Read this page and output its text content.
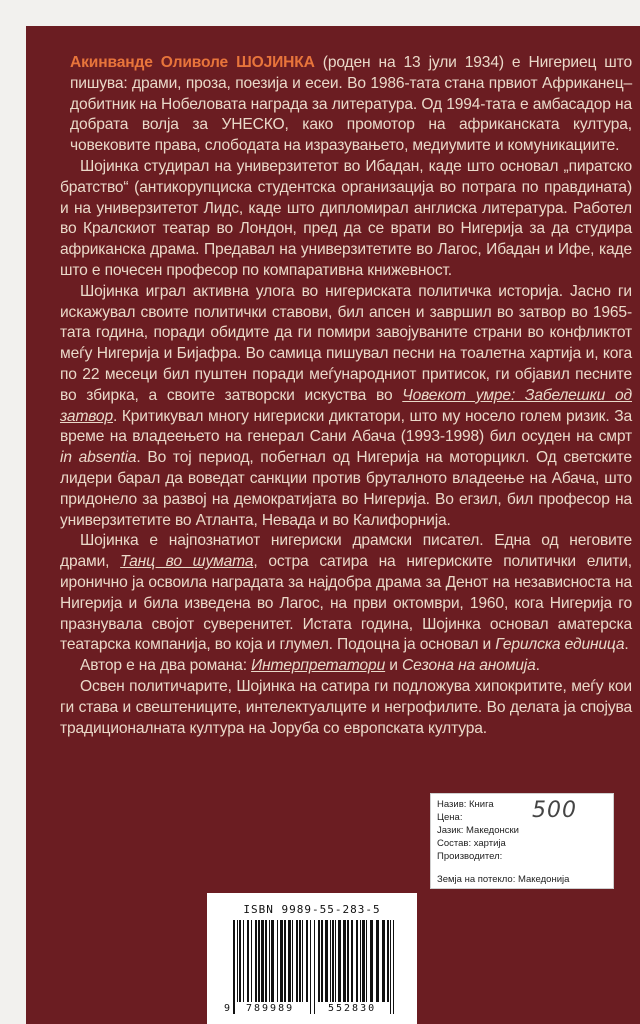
Акинванде Оливоле ШОЈИНКА (роден на 13 јули 1934) е Нигериец што пишува: драми, проза, поезија и есеи. Во 1986-тата стана првиот Африканец–добитник на Нобеловата награда за литература. Од 1994-тата е амбасадор на добрата волја за УНЕСКО, како промотор на африканската култура, човековите права, слободата на изразувањето, медиумите и комуникациите.

Шојинка студирал на универзитетот во Ибадан, каде што основал „пиратско братство“ (антикорупциска студентска организација во потрага по правдината) и на универзитетот Лидс, каде што дипломирал англиска литература. Работел во Кралскиот театар во Лондон, пред да се врати во Нигерија за да студира африканска драма. Предавал на универзитетите во Лагос, Ибадан и Ифе, каде што е почесен професор по компаративна книжевност.

Шојинка играл активна улога во нигериската политичка историја. Јасно ги искажувал своите политички ставови, бил апсен и завршил во затвор во 1965-тата година, поради обидите да ги помири завојуваните страни во конфликтот меѓу Нигерија и Бијафра. Во самица пишувал песни на тоалетна хартија и, кога по 22 месеци бил пуштен поради меѓународниот притисок, ги објавил песните во збирка, а своите затворски искуства во Човекот умре: Забелешки од затвор. Критикувал многу нигериски диктатори, што му носело голем ризик. За време на владеењето на генерал Сани Абача (1993-1998) бил осуден на смрт in absentia. Во тој период, побегнал од Нигерија на моторцикл. Од светските лидери барал да воведат санкции против бруталното владеење на Абача, што придонело за развој на демократијата во Нигерија. Во егзил, бил професор на универзитетите во Атланта, Невада и во Калифорнија.

Шојинка е најпознатиот нигериски драмски писател. Една од неговите драми, Танц во шумата, остра сатира на нигериските политички елити, иронично ја освоила наградата за најдобра драма за Денот на независноста на Нигерија и била изведена во Лагос, на први октомври, 1960, кога Нигерија го празнувала својот суверенитет. Истата година, Шојинка основал аматерска театарска компанија, во која и глумел. Подоцна ја основал и Герилска единица.

Автор е на два романа: Интерпретатори и Сезона на аномија.

Освен политичарите, Шојинка на сатира ги подложува хипокритите, меѓу кои ги става и свештениците, интелектуалците и негрофилите. Во делата ја спојува традиционалната култура на Јоруба со европската култура.

Назив: Книга
Цена:
Јазик: Македонски
Состав: хартија
Производител:
Земја на потекло: Македонија
500
ISBN 9989-55-283-5
9 789989	552830
